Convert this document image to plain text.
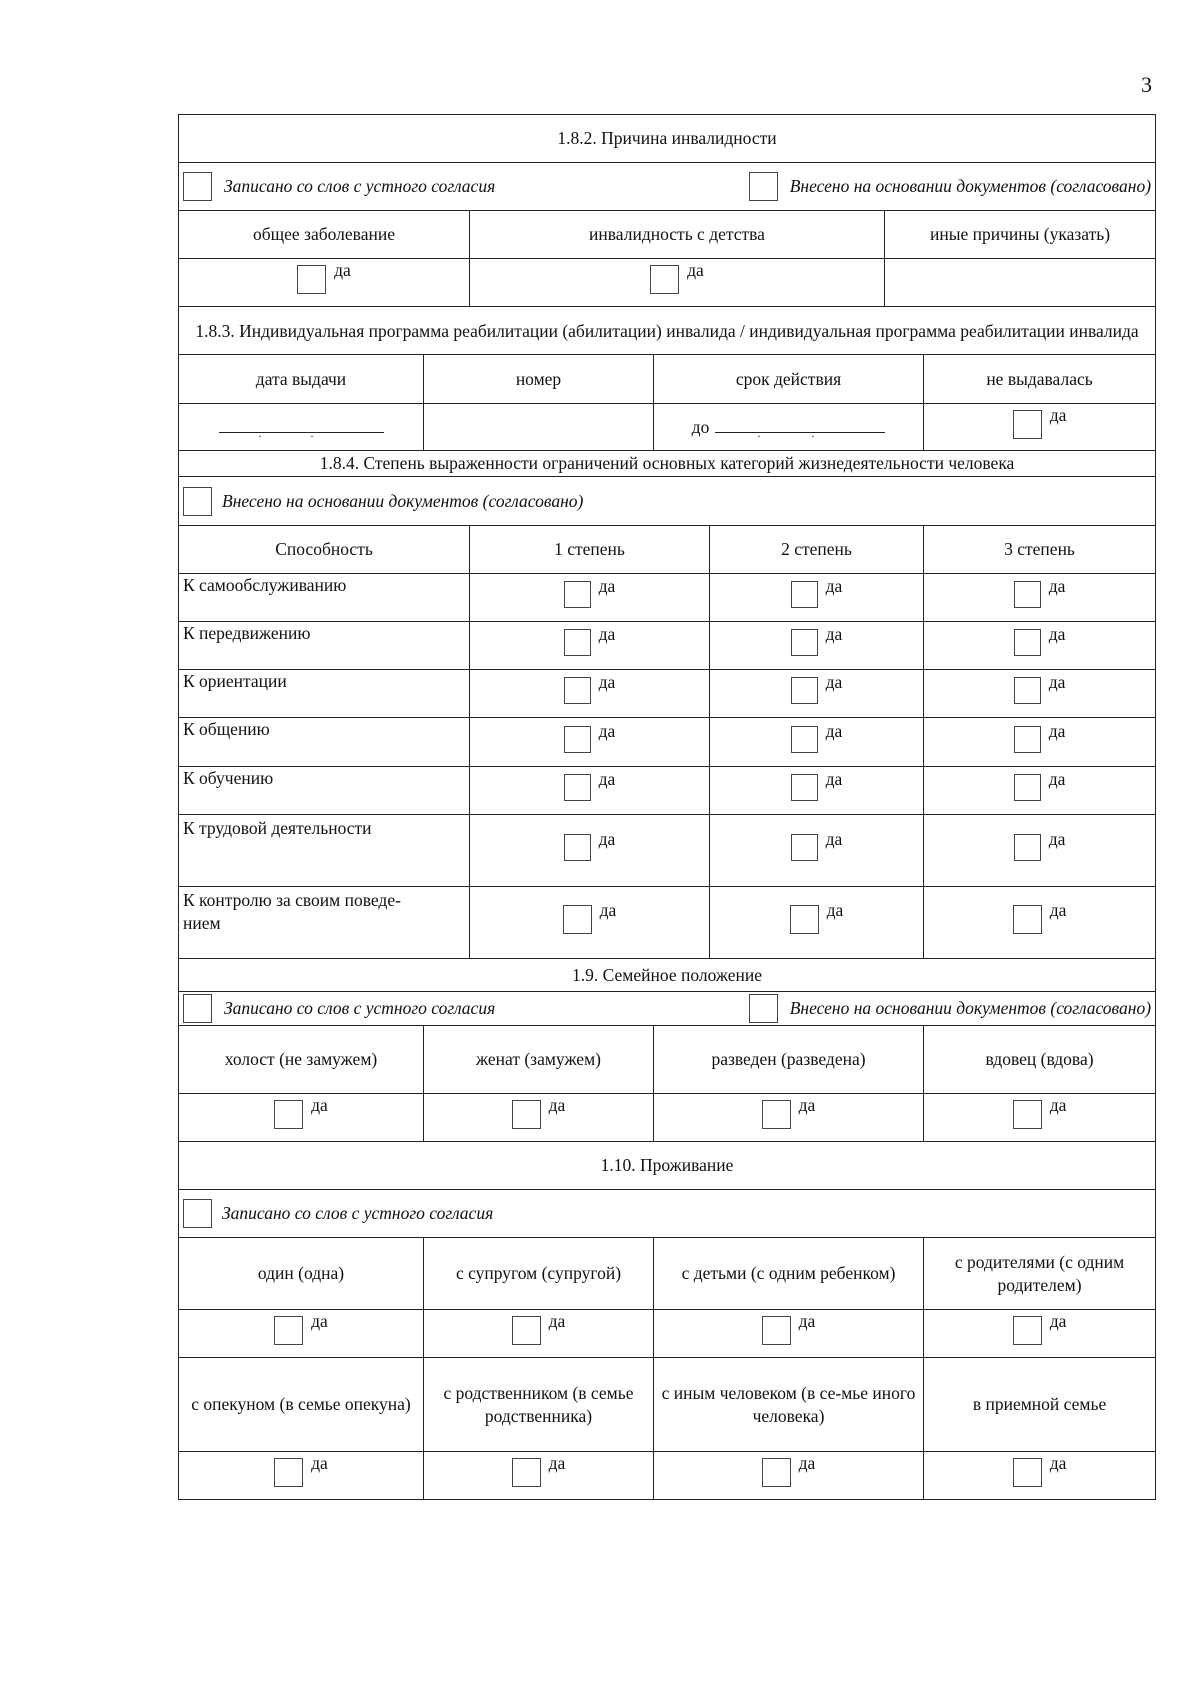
3
1.8.2. Причина инвалидности						

Записано со слов с устного согласия Внесено на основании документов (согласовано)						

общее заболевание		инвалидность с детства			иные причины (указать)	

да		да				

1.8.3. Индивидуальная программа реабилитации (абилитации) инвалида / индивидуальная программа реабилитации инвалида						
дата выдачи	номер		срок действия			не выдавалась

. .			до . .			да

1.8.4. Степень выраженности ограничений основных категорий жизнедеятельности человека						

Внесено на основании документов (согласовано)						

Способность		1 степень		2 степень		3 степень
К самообслуживанию		да		да		да

К передвижению		да		да		да

К ориентации		да		да		да

К общению		да		да		да

К обучению		да		да		да

К трудовой деятельности		да		да		да

К контролю за своим поведе-нием		да		да		да

1.9. Семейное положение						

Записано со слов с устного согласия Внесено на основании документов (согласовано)						

холост (не замужем)	женат (замужем)		разведен (разведена)			вдовец (вдова)

да	да		да			да

1.10. Проживание						

Записано со слов с устного согласия						

один (одна)	с супругом (супругой)		с детьми (с одним ребенком)			с родителями (с одним родителем)

да	да		да			да

с опекуном (в семье опекуна)	с родственником (в семье родственника)		с иным человеком (в се-мье иного человека)			в приемной семье

да	да		да			да
